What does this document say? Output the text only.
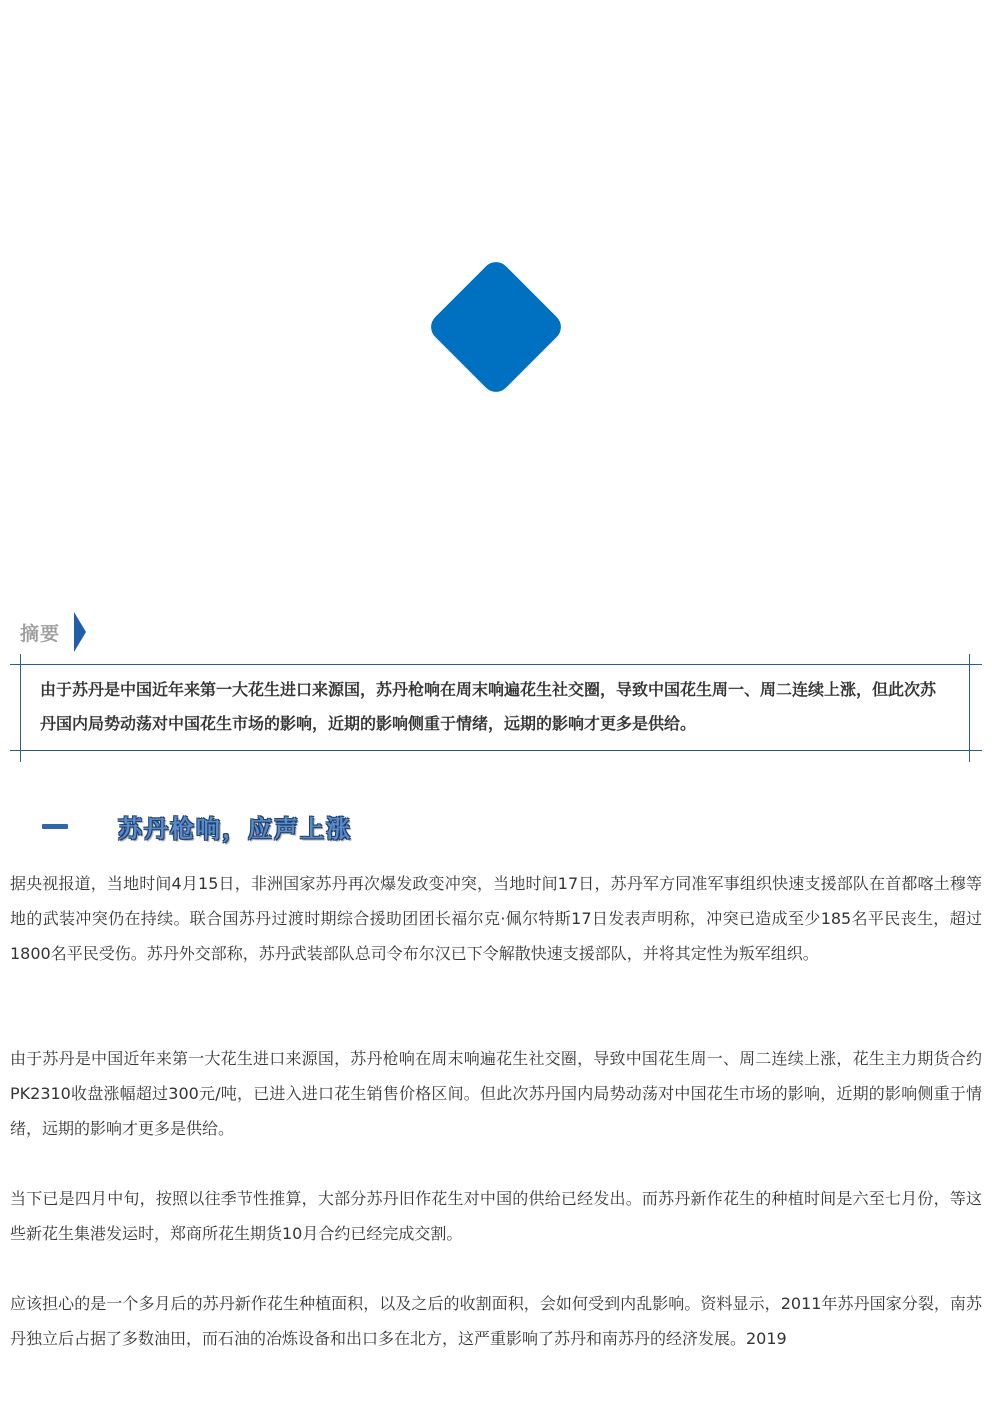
摘要
由于苏丹是中国近年来第一大花生进口来源国，苏丹枪响在周末响遍花生社交圈，导致中国花生周一、周二连续上涨，但此次苏丹国内局势动荡对中国花生市场的影响，近期的影响侧重于情绪，远期的影响才更多是供给。
苏丹枪响，应声上涨
据央视报道，当地时间4月15日，非洲国家苏丹再次爆发政变冲突，当地时间17日，苏丹军方同准军事组织快速支援部队在首都喀土穆等地的武装冲突仍在持续。联合国苏丹过渡时期综合援助团团长福尔克·佩尔特斯17日发表声明称，冲突已造成至少185名平民丧生，超过1800名平民受伤。苏丹外交部称，苏丹武装部队总司令布尔汉已下令解散快速支援部队，并将其定性为叛军组织。
由于苏丹是中国近年来第一大花生进口来源国，苏丹枪响在周末响遍花生社交圈，导致中国花生周一、周二连续上涨，花生主力期货合约PK2310收盘涨幅超过300元/吨，已进入进口花生销售价格区间。但此次苏丹国内局势动荡对中国花生市场的影响，近期的影响侧重于情绪，远期的影响才更多是供给。
当下已是四月中旬，按照以往季节性推算，大部分苏丹旧作花生对中国的供给已经发出。而苏丹新作花生的种植时间是六至七月份，等这些新花生集港发运时，郑商所花生期货10月合约已经完成交割。
应该担心的是一个多月后的苏丹新作花生种植面积，以及之后的收割面积，会如何受到内乱影响。资料显示，2011年苏丹国家分裂，南苏丹独立后占据了多数油田，而石油的冶炼设备和出口多在北方，这严重影响了苏丹和南苏丹的经济发展。2019
